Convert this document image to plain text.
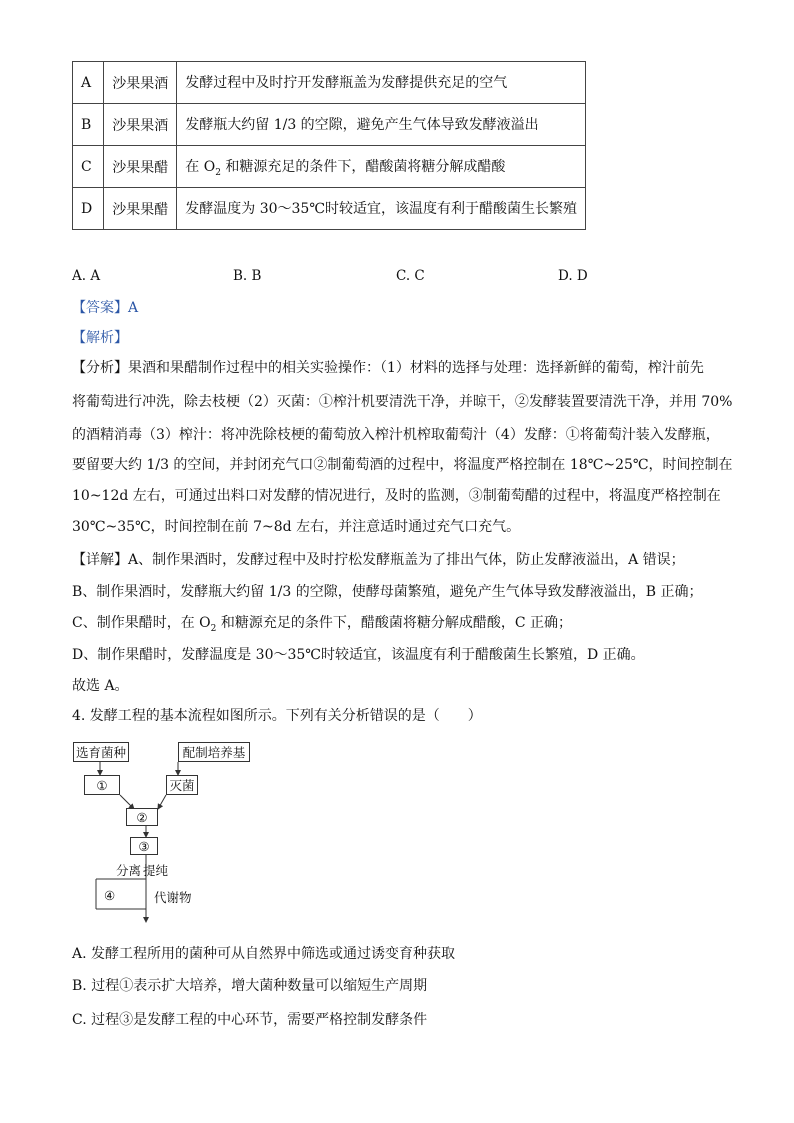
A	沙果果酒	发酵过程中及时拧开发酵瓶盖为发酵提供充足的空气
B	沙果果酒	发酵瓶大约留 1/3 的空隙，避免产生气体导致发酵液溢出
C	沙果果醋	在 $O_2$ 和糖源充足的条件下，醋酸菌将糖分解成醋酸
D	沙果果醋	发酵温度为 30～35℃时较适宜，该温度有利于醋酸菌生长繁殖
A. A	B. B	C. C	D. D
【答案】A
【解析】
【分析】果酒和果醋制作过程中的相关实验操作：（1）材料的选择与处理：选择新鲜的葡萄，榨汁前先
将葡萄进行冲洗，除去枝梗（2）灭菌：①榨汁机要清洗干净，并晾干，②发酵装置要清洗干净，并用 70%
的酒精消毒（3）榨汁：将冲洗除枝梗的葡萄放入榨汁机榨取葡萄汁（4）发酵：①将葡萄汁装入发酵瓶，
要留要大约 1/3 的空间，并封闭充气口②制葡萄酒的过程中，将温度严格控制在 18℃~25℃，时间控制在
10~12d 左右，可通过出料口对发酵的情况进行，及时的监测，③制葡萄醋的过程中，将温度严格控制在
30℃~35℃，时间控制在前 7~8d 左右，并注意适时通过充气口充气。
【详解】A、制作果酒时，发酵过程中及时拧松发酵瓶盖为了排出气体，防止发酵液溢出，A 错误；
B、制作果酒时，发酵瓶大约留 1/3 的空隙，使酵母菌繁殖，避免产生气体导致发酵液溢出，B 正确；
C、制作果醋时，在 $O_2$ 和糖源充足的条件下，醋酸菌将糖分解成醋酸，C 正确；
D、制作果醋时，发酵温度是 30～35℃时较适宜，该温度有利于醋酸菌生长繁殖，D 正确。
故选 A。
4. 发酵工程的基本流程如图所示。下列有关分析错误的是（　　）
选育菌种	配制培养基
①	灭菌
②
③
分离 提纯
④	代谢物
A. 发酵工程所用的菌种可从自然界中筛选或通过诱变育种获取
B. 过程①表示扩大培养，增大菌种数量可以缩短生产周期
C. 过程③是发酵工程的中心环节，需要严格控制发酵条件
